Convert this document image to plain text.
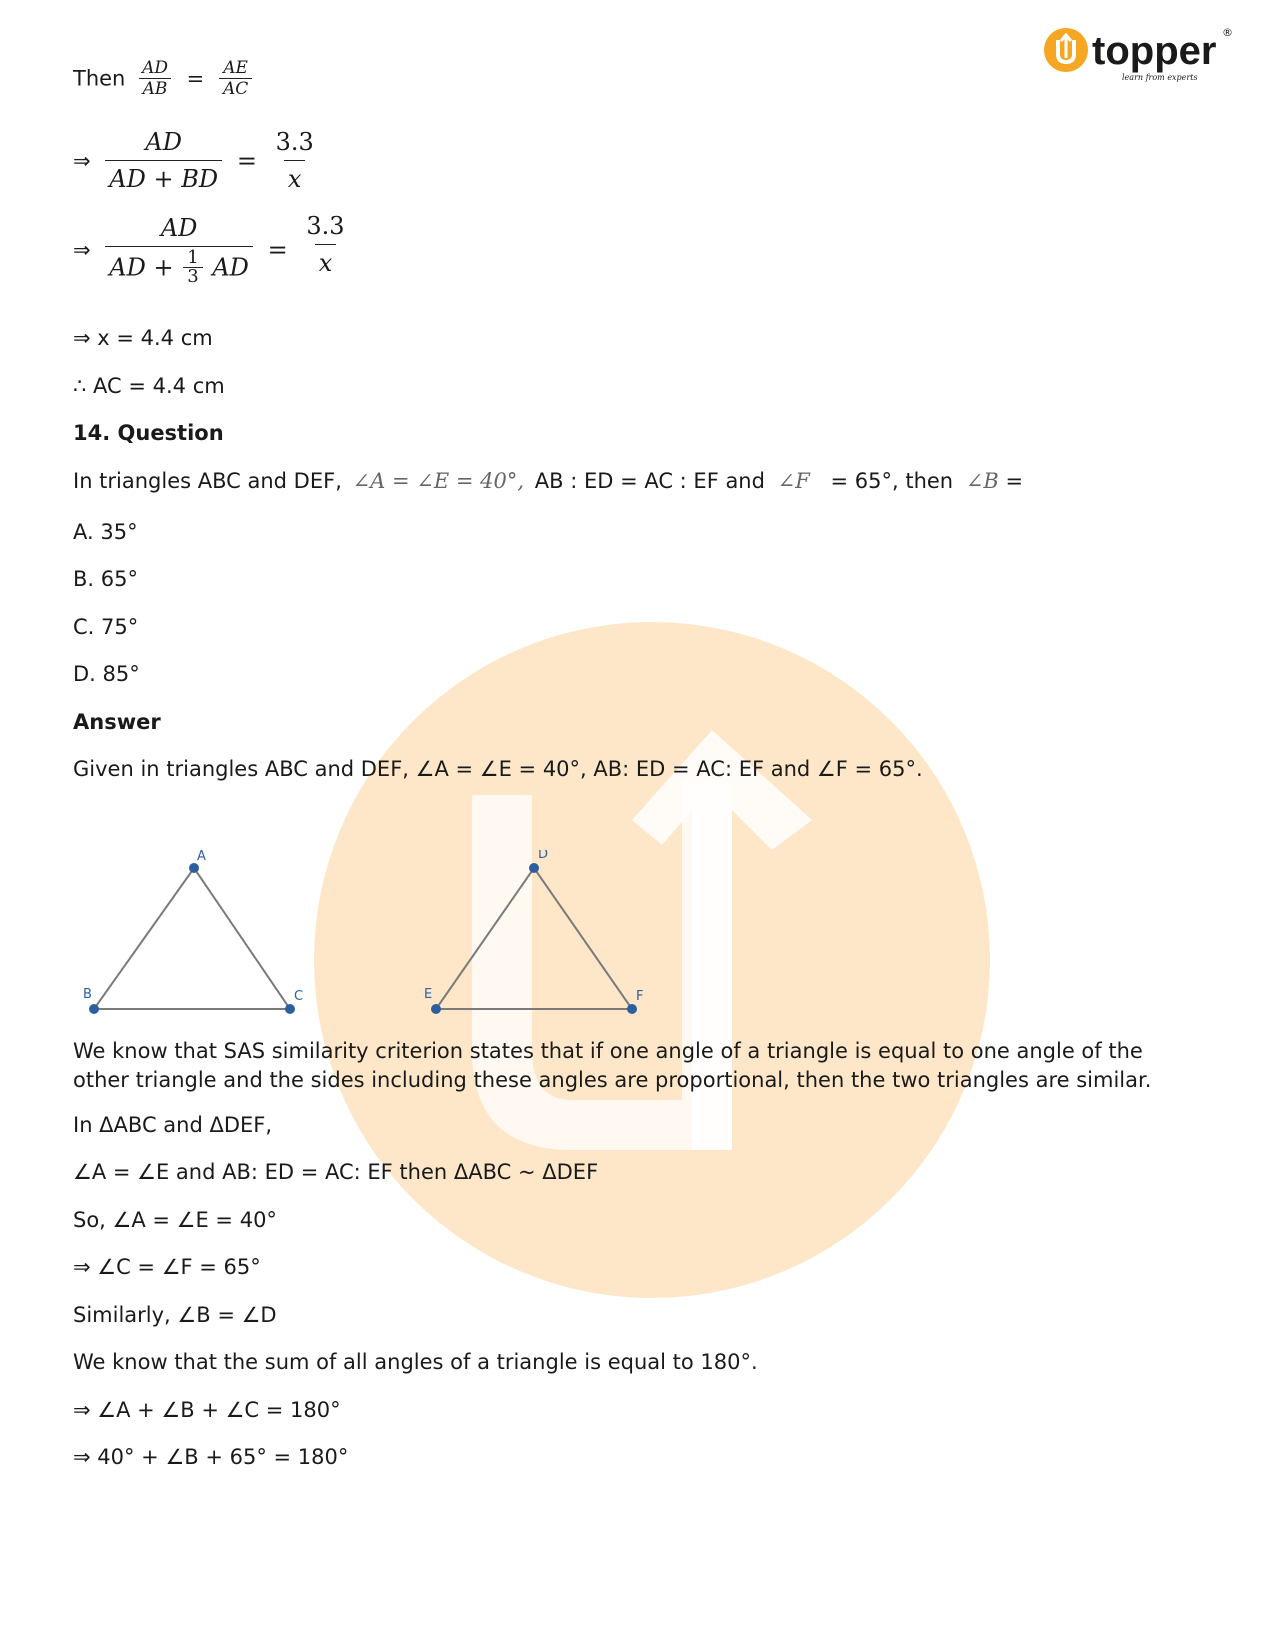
topper
learn from experts
®
Then $\frac{AD}{AB} = \frac{AE}{AC}$
⇒ $\frac{AD}{AD + BD} = \frac{3.3}{x}$
⇒ $\frac{AD}{AD + \frac{1}{3} AD} = \frac{3.3}{x}$
⇒ x = 4.4 cm
∴ AC = 4.4 cm
14. Question
In triangles ABC and DEF, ∠A = ∠E = 40°, AB : ED = AC : EF and ∠F = 65°, then ∠B =
A. 35°
B. 65°
C. 75°
D. 85°
Answer
Given in triangles ABC and DEF, ∠A = ∠E = 40°, AB: ED = AC: EF and ∠F = 65°.
We know that SAS similarity criterion states that if one angle of a triangle is equal to one angle of the other triangle and the sides including these angles are proportional, then the two triangles are similar.
In ΔABC and ΔDEF,
∠A = ∠E and AB: ED = AC: EF then ΔABC ~ ΔDEF
So, ∠A = ∠E = 40°
⇒ ∠C = ∠F = 65°
Similarly, ∠B = ∠D
We know that the sum of all angles of a triangle is equal to 180°.
⇒ ∠A + ∠B + ∠C = 180°
⇒ 40° + ∠B + 65° = 180°
A
B	C
D
E	F
